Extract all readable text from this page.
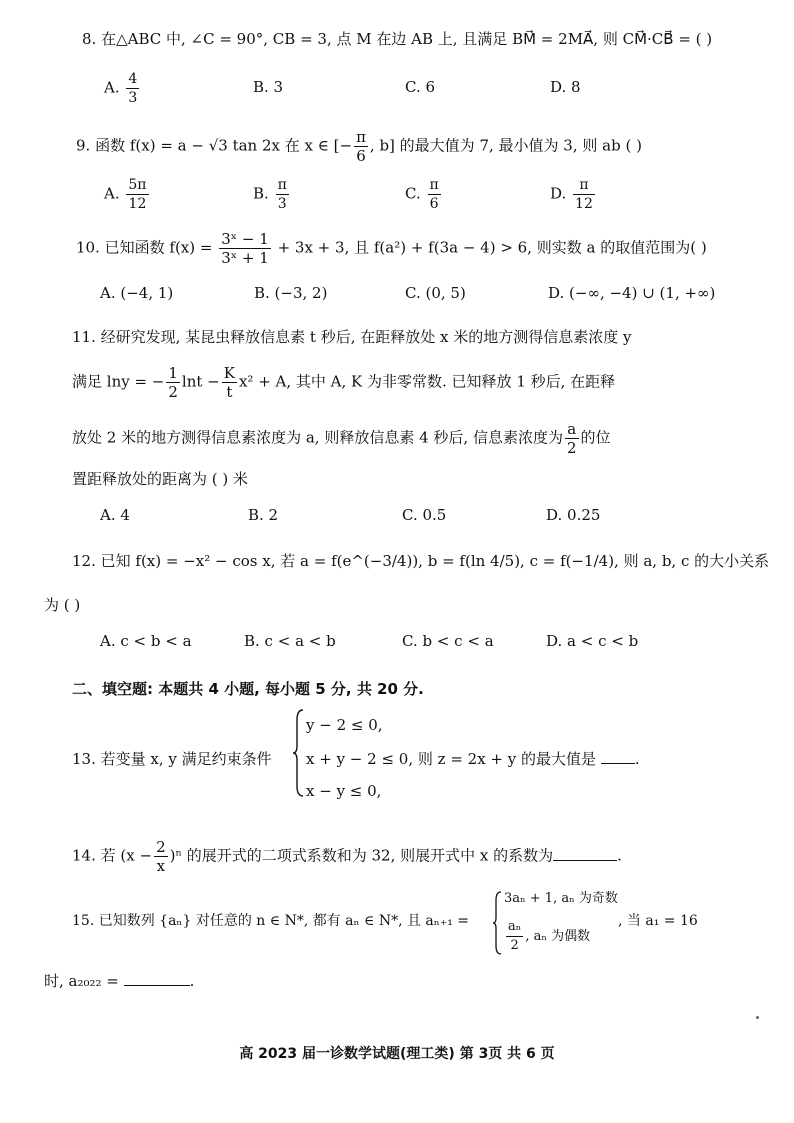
8. 在△ABC 中, ∠C = 90°, CB = 3, 点 M 在边 AB 上, 且满足 BM⃗ = 2MA⃗, 则 CM⃗·CB⃗ = ( )
A. $\frac{4}{3}$	B. 3	C. 6	D. 8
9. 函数 f(x) = a − √3 tan 2x 在 x ∈ [− $\frac{\pi}{6}$ , b] 的最大值为 7, 最小值为 3, 则 ab ( )
A. $\frac{5\pi}{12}$	B. $\frac{\pi}{3}$	C. $\frac{\pi}{6}$	D. $\frac{\pi}{12}$
10. 已知函数 $f(x) = \frac{\text{3ˣ − 1}}{\text{3ˣ + 1}} + 3x + 3$, 且 f(a²) + f(3a − 4) > 6, 则实数 a 的取值范围为( )
A. (−4, 1)	B. (−3, 2)	C. (0, 5)	D. (−∞, −4) ∪ (1, +∞)
11. 经研究发现, 某昆虫释放信息素 t 秒后, 在距释放处 x 米的地方测得信息素浓度 y
满足 lny = − $\frac{1}{2}$ $\ln t - \frac{K}{t} x^2 + A$, 其中 A, K 为非零常数. 已知释放 1 秒后, 在距释
放处 2 米的地方测得信息素浓度为 a, 则释放信息素 4 秒后, 信息素浓度为 $\frac{a}{2}$ 的位
置距释放处的距离为 ( ) 米
A. 4	B. 2	C. 0.5	D. 0.25
12. 已知 f(x) = −x² − cos x, 若 a = f(e^(−3/4)), b = f(ln 4/5), c = f(−1/4), 则 a, b, c 的大小关系
为 ( )
A. c < b < a	B. c < a < b	C. b < c < a	D. a < c < b
二、填空题: 本题共 4 小题, 每小题 5 分, 共 20 分.
13. 若变量 x, y 满足约束条件
y − 2 ≤ 0,
x + y − 2 ≤ 0, 则 z = 2x + y 的最大值是	.
x − y ≤ 0,
14. 若 $(x - \frac{2}{x} )^n$ 的展开式的二项式系数和为 32, 则展开式中 x 的系数为	.
15. 已知数列 {aₙ} 对任意的 n ∈ N*, 都有 aₙ ∈ N*, 且 aₙ₊₁ =
3aₙ + 1, aₙ 为奇数
$\frac{\text{aₙ}}{2}$ , aₙ 为偶数
, 当 a₁ = 16
时, a₂₀₂₂ =	.
高 2023 届一诊数学试题(理工类) 第 3页 共 6 页
